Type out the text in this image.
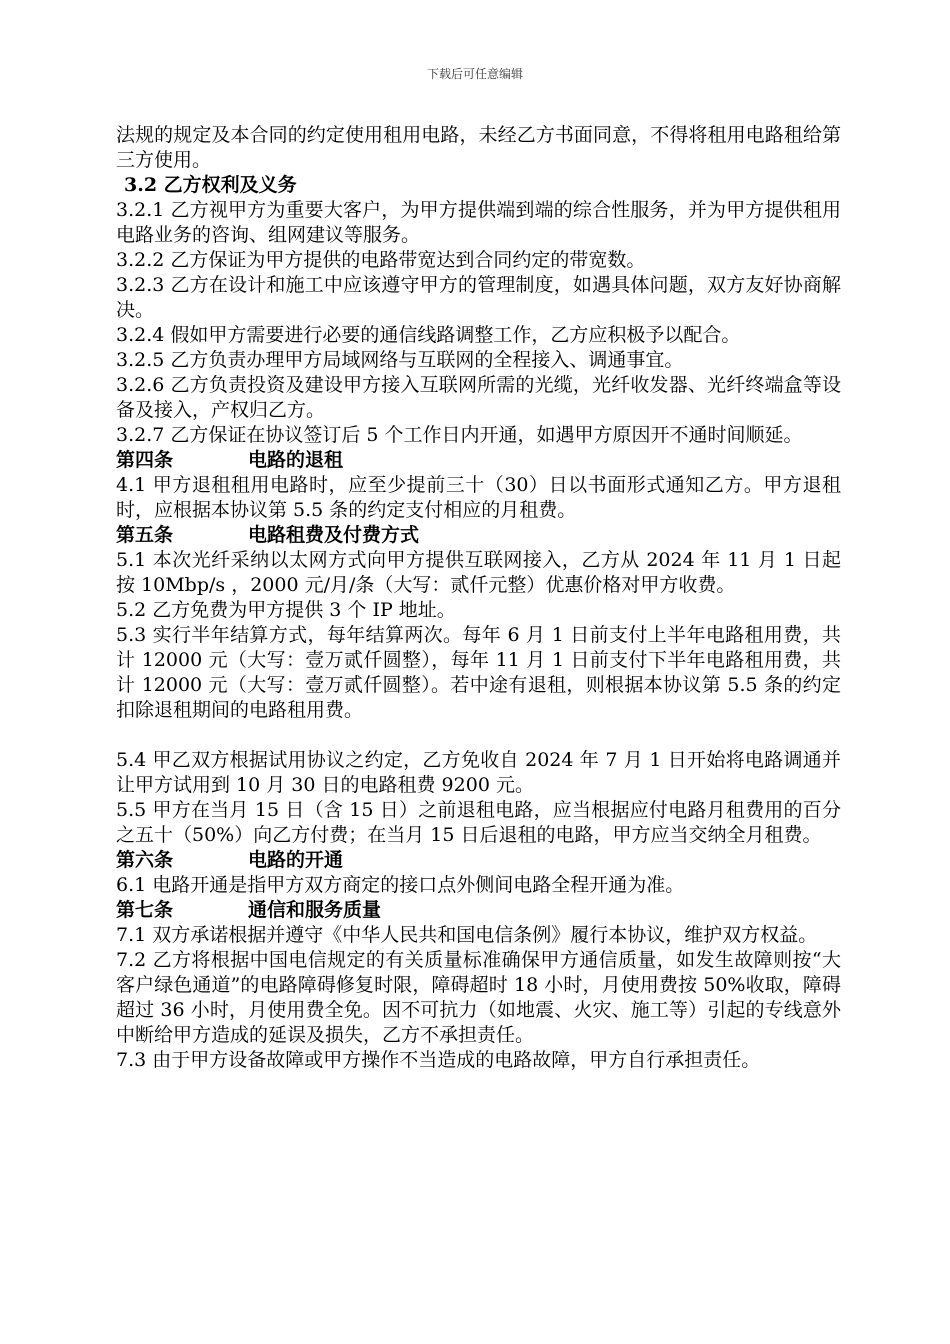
下载后可任意编辑

法规的规定及本合同的约定使用租用电路，未经乙方书面同意，不得将租用电路租给第三方使用。

3.2 乙方权利及义务

3.2.1 乙方视甲方为重要大客户，为甲方提供端到端的综合性服务，并为甲方提供租用电路业务的咨询、组网建议等服务。

3.2.2 乙方保证为甲方提供的电路带宽达到合同约定的带宽数。

3.2.3 乙方在设计和施工中应该遵守甲方的管理制度，如遇具体问题，双方友好协商解决。

3.2.4 假如甲方需要进行必要的通信线路调整工作，乙方应积极予以配合。

3.2.5 乙方负责办理甲方局域网络与互联网的全程接入、调通事宜。

3.2.6 乙方负责投资及建设甲方接入互联网所需的光缆，光纤收发器、光纤终端盒等设备及接入，产权归乙方。

3.2.7 乙方保证在协议签订后 5 个工作日内开通，如遇甲方原因开不通时间顺延。

第四条	电路的退租

4.1 甲方退租租用电路时，应至少提前三十（30）日以书面形式通知乙方。甲方退租时，应根据本协议第 5.5 条的约定支付相应的月租费。

第五条	电路租费及付费方式

5.1 本次光纤采纳以太网方式向甲方提供互联网接入，乙方从 2024 年 11 月 1 日起按 10Mbp/s ，2000 元/月/条（大写：贰仟元整）优惠价格对甲方收费。

5.2 乙方免费为甲方提供 3 个 IP 地址。

5.3 实行半年结算方式，每年结算两次。每年 6 月 1 日前支付上半年电路租用费，共计 12000 元（大写：壹万贰仟圆整），每年 11 月 1 日前支付下半年电路租用费，共计 12000 元（大写：壹万贰仟圆整）。若中途有退租，则根据本协议第 5.5 条的约定扣除退租期间的电路租用费。

5.4 甲乙双方根据试用协议之约定，乙方免收自 2024 年 7 月 1 日开始将电路调通并让甲方试用到 10 月 30 日的电路租费 9200 元。

5.5 甲方在当月 15 日（含 15 日）之前退租电路，应当根据应付电路月租费用的百分之五十（50%）向乙方付费；在当月 15 日后退租的电路，甲方应当交纳全月租费。

第六条	电路的开通

6.1 电路开通是指甲方双方商定的接口点外侧间电路全程开通为准。

第七条	通信和服务质量

7.1 双方承诺根据并遵守《中华人民共和国电信条例》履行本协议，维护双方权益。

7.2 乙方将根据中国电信规定的有关质量标准确保甲方通信质量，如发生故障则按“大客户绿色通道”的电路障碍修复时限，障碍超时 18 小时，月使用费按 50%收取，障碍超过 36 小时，月使用费全免。因不可抗力（如地震、火灾、施工等）引起的专线意外中断给甲方造成的延误及损失，乙方不承担责任。

7.3 由于甲方设备故障或甲方操作不当造成的电路故障，甲方自行承担责任。
